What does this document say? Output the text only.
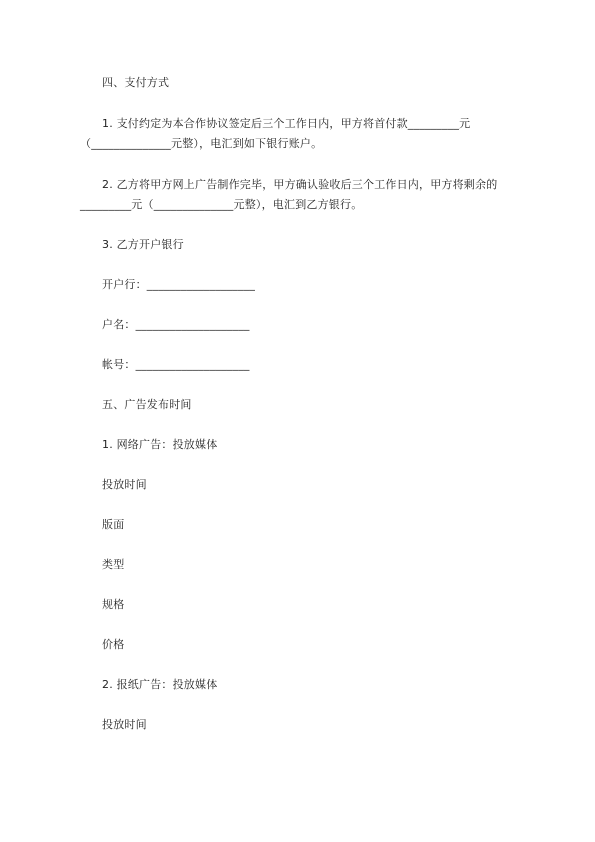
四、支付方式
1. 支付约定为本合作协议签定后三个工作日内，甲方将首付款_________元
（______________元整），电汇到如下银行账户。
2. 乙方将甲方网上广告制作完毕，甲方确认验收后三个工作日内，甲方将剩余的
_________元（______________元整），电汇到乙方银行。
3. 乙方开户银行
开户行：___________________
户名：____________________
帐号：____________________
五、广告发布时间
1. 网络广告：投放媒体
投放时间
版面
类型
规格
价格
2. 报纸广告：投放媒体
投放时间
